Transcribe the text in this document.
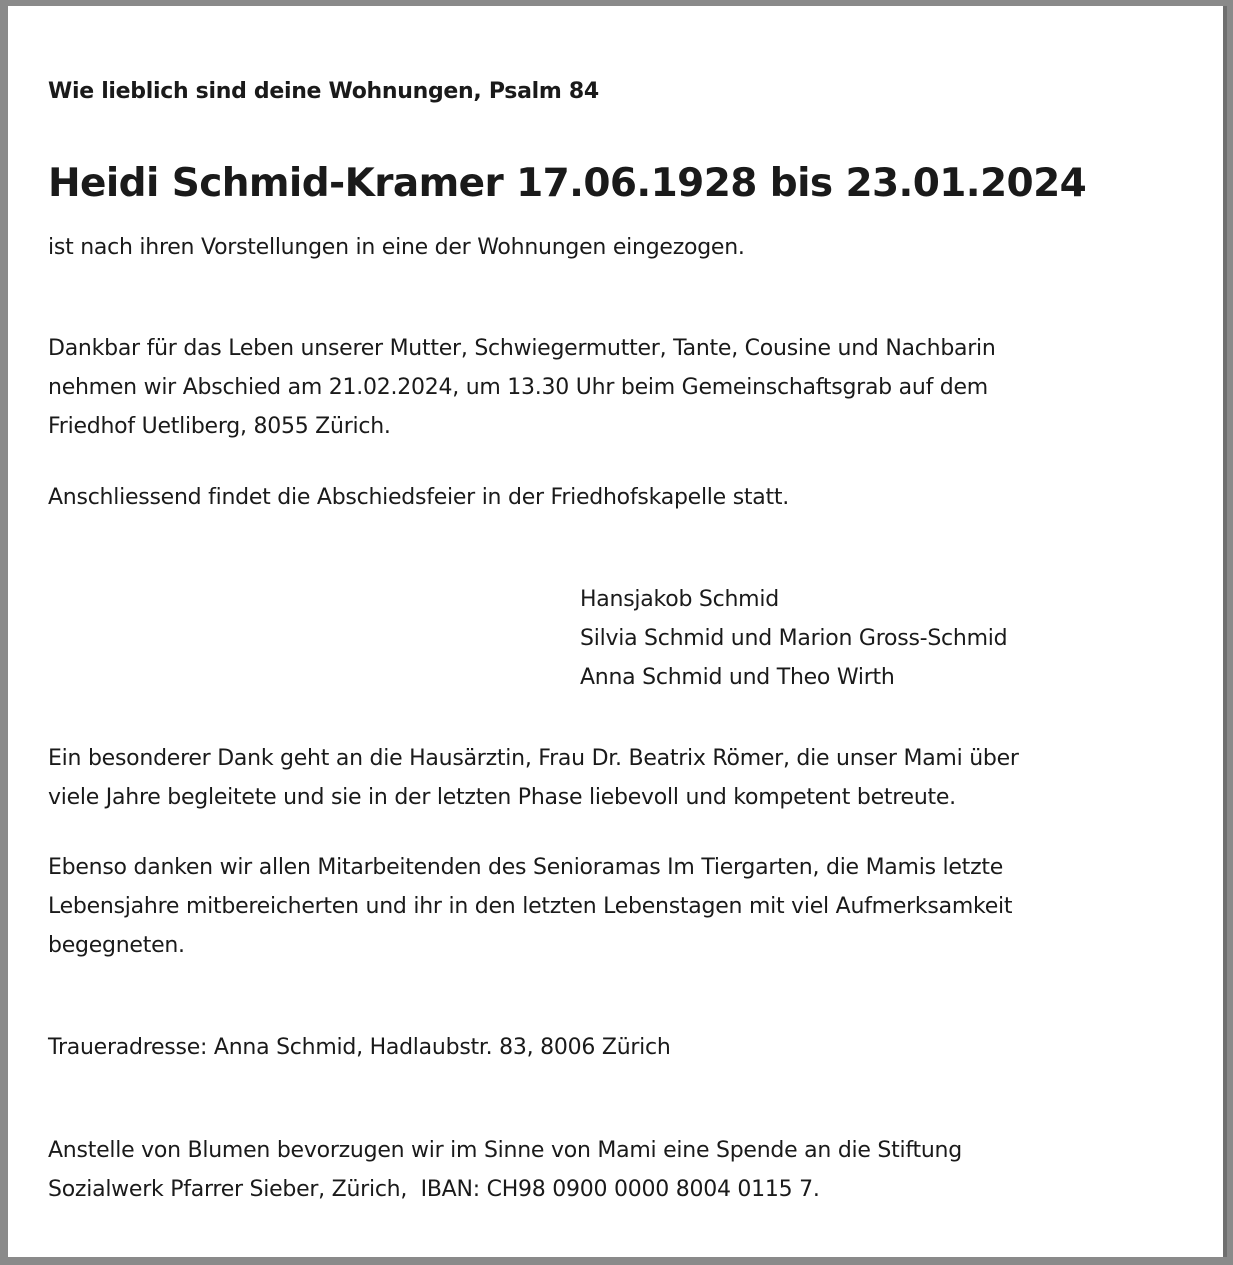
Wie lieblich sind deine Wohnungen, Psalm 84
Heidi Schmid-Kramer 17.06.1928 bis 23.01.2024
ist nach ihren Vorstellungen in eine der Wohnungen eingezogen.
Dankbar für das Leben unserer Mutter, Schwiegermutter, Tante, Cousine und Nachbarin
nehmen wir Abschied am 21.02.2024, um 13.30 Uhr beim Gemeinschaftsgrab auf dem
Friedhof Uetliberg, 8055 Zürich.
Anschliessend findet die Abschiedsfeier in der Friedhofskapelle statt.
Hansjakob Schmid
Silvia Schmid und Marion Gross-Schmid
Anna Schmid und Theo Wirth
Ein besonderer Dank geht an die Hausärztin, Frau Dr. Beatrix Römer, die unser Mami über
viele Jahre begleitete und sie in der letzten Phase liebevoll und kompetent betreute.
Ebenso danken wir allen Mitarbeitenden des Senioramas Im Tiergarten, die Mamis letzte
Lebensjahre mitbereicherten und ihr in den letzten Lebenstagen mit viel Aufmerksamkeit
begegneten.
Traueradresse: Anna Schmid, Hadlaubstr. 83, 8006 Zürich
Anstelle von Blumen bevorzugen wir im Sinne von Mami eine Spende an die Stiftung
Sozialwerk Pfarrer Sieber, Zürich,  IBAN: CH98 0900 0000 8004 0115 7.
